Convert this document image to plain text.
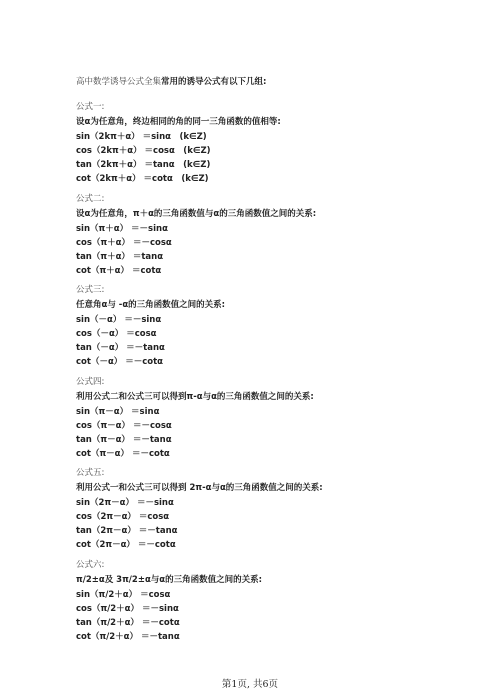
高中数学诱导公式全集常用的诱导公式有以下几组:
公式一:
设α为任意角，终边相同的角的同一三角函数的值相等:
sin（2kπ＋α） ＝sinα　(k∈Z)
cos（2kπ＋α） ＝cosα　(k∈Z)
tan（2kπ＋α） ＝tanα　(k∈Z)
cot（2kπ＋α） ＝cotα　(k∈Z)
公式二:
设α为任意角，π＋α的三角函数值与α的三角函数值之间的关系:
sin（π＋α） ＝－sinα
cos（π＋α） ＝－cosα
tan（π＋α） ＝tanα
cot（π＋α） ＝cotα
公式三:
任意角α与 -α的三角函数值之间的关系:
sin（－α） ＝－sinα
cos（－α） ＝cosα
tan（－α） ＝－tanα
cot（－α） ＝－cotα
公式四:
利用公式二和公式三可以得到π-α与α的三角函数值之间的关系:
sin（π－α） ＝sinα
cos（π－α） ＝－cosα
tan（π－α） ＝－tanα
cot（π－α） ＝－cotα
公式五:
利用公式一和公式三可以得到 2π-α与α的三角函数值之间的关系:
sin（2π－α） ＝－sinα
cos（2π－α） ＝cosα
tan（2π－α） ＝－tanα
cot（2π－α） ＝－cotα
公式六:
π/2±α及 3π/2±α与α的三角函数值之间的关系:
sin（π/2＋α） ＝cosα
cos（π/2＋α） ＝－sinα
tan（π/2＋α） ＝－cotα
cot（π/2＋α） ＝－tanα
第1页, 共6页
